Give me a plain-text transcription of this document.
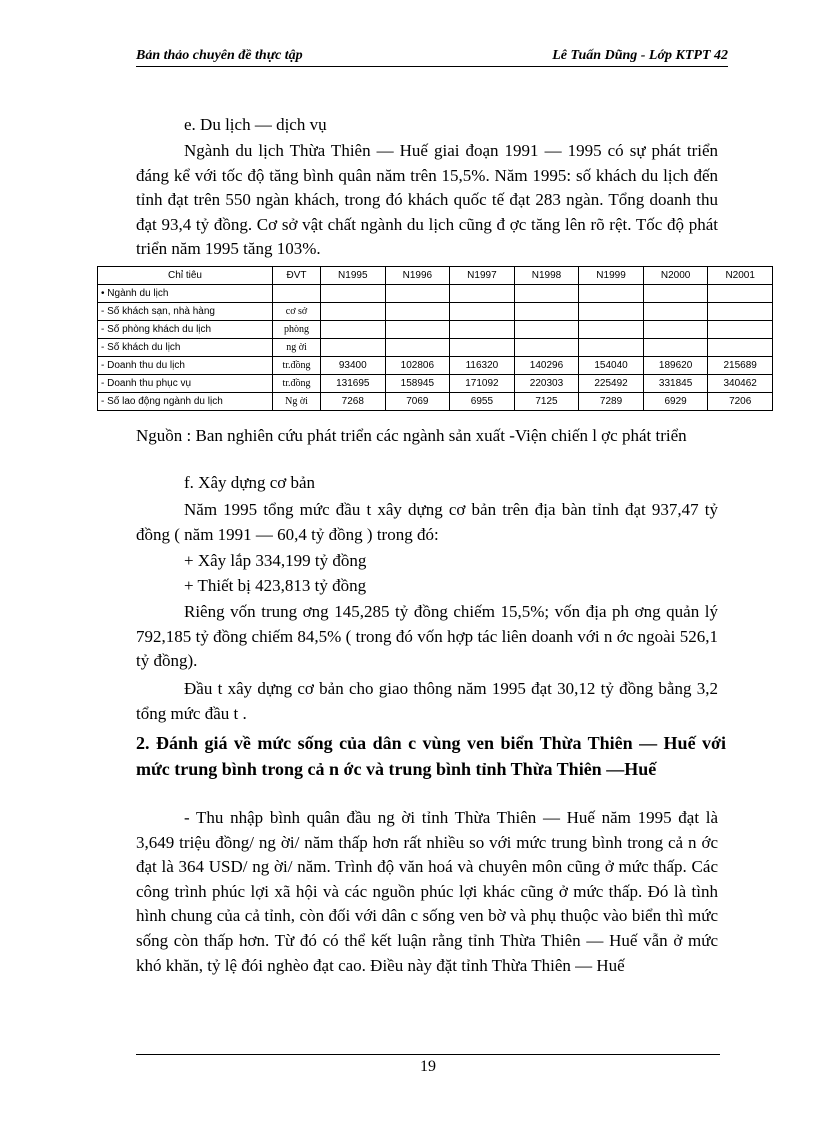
Bản thảo chuyên đề thực tập	Lê Tuấn Dũng - Lớp KTPT 42
e. Du lịch — dịch vụ
Ngành du lịch Thừa Thiên — Huế giai đoạn 1991 — 1995 có sự phát triển đáng kể với tốc độ tăng bình quân năm trên 15,5%. Năm 1995: số khách du lịch đến tỉnh đạt trên 550 ngàn khách, trong đó khách quốc tế đạt 283 ngàn. Tổng doanh thu đạt 93,4 tỷ đồng. Cơ sở vật chất ngành du lịch cũng đ ợc tăng lên rõ rệt. Tốc độ phát triển năm 1995 tăng 103%.
Chỉ tiêu	ĐVT	N1995	N1996	N1997	N1998	N1999	N2000	N2001
• Ngành du lịch								
- Số khách sạn, nhà hàng	cơ sở							
- Số phòng khách du lịch	phòng							
- Số khách du lịch	ng ời							
- Doanh thu du lịch	tr.đồng	93400	102806	116320	140296	154040	189620	215689
- Doanh thu phục vụ	tr.đồng	131695	158945	171092	220303	225492	331845	340462
- Số lao động ngành du lịch	Ng ời	7268	7069	6955	7125	7289	6929	7206
Nguồn : Ban nghiên cứu phát triển các ngành sản xuất -Viện chiến l ợc phát triển
f. Xây dựng cơ bản
Năm 1995 tổng mức đầu t xây dựng cơ bản trên địa bàn tỉnh đạt 937,47 tỷ đồng ( năm 1991 — 60,4 tỷ đồng ) trong đó:
+ Xây lắp 334,199 tỷ đồng
+ Thiết bị 423,813 tỷ đồng
Riêng vốn trung ơng 145,285 tỷ đồng chiếm 15,5%; vốn địa ph ơng quản lý 792,185 tỷ đồng chiếm 84,5% ( trong đó vốn hợp tác liên doanh với n ớc ngoài 526,1 tỷ đồng).
Đầu t xây dựng cơ bản cho giao thông năm 1995 đạt 30,12 tỷ đồng bằng 3,2 tổng mức đầu t .
2. Đánh giá về mức sống của dân c vùng ven biển Thừa Thiên — Huế với mức trung bình trong cả n ớc và trung bình tỉnh Thừa Thiên —Huế
- Thu nhập bình quân đầu ng ời tỉnh Thừa Thiên — Huế năm 1995 đạt là 3,649 triệu đồng/ ng ời/ năm thấp hơn rất nhiều so với mức trung bình trong cả n ớc đạt là 364 USD/ ng ời/ năm. Trình độ văn hoá và chuyên môn cũng ở mức thấp. Các công trình phúc lợi xã hội và các nguồn phúc lợi khác cũng ở mức thấp. Đó là tình hình chung của cả tỉnh, còn đối với dân c sống ven bờ và phụ thuộc vào biển thì mức sống còn thấp hơn. Từ đó có thể kết luận rằng tỉnh Thừa Thiên — Huế vẫn ở mức khó khăn, tỷ lệ đói nghèo đạt cao. Điều này đặt tỉnh Thừa Thiên — Huế
19
